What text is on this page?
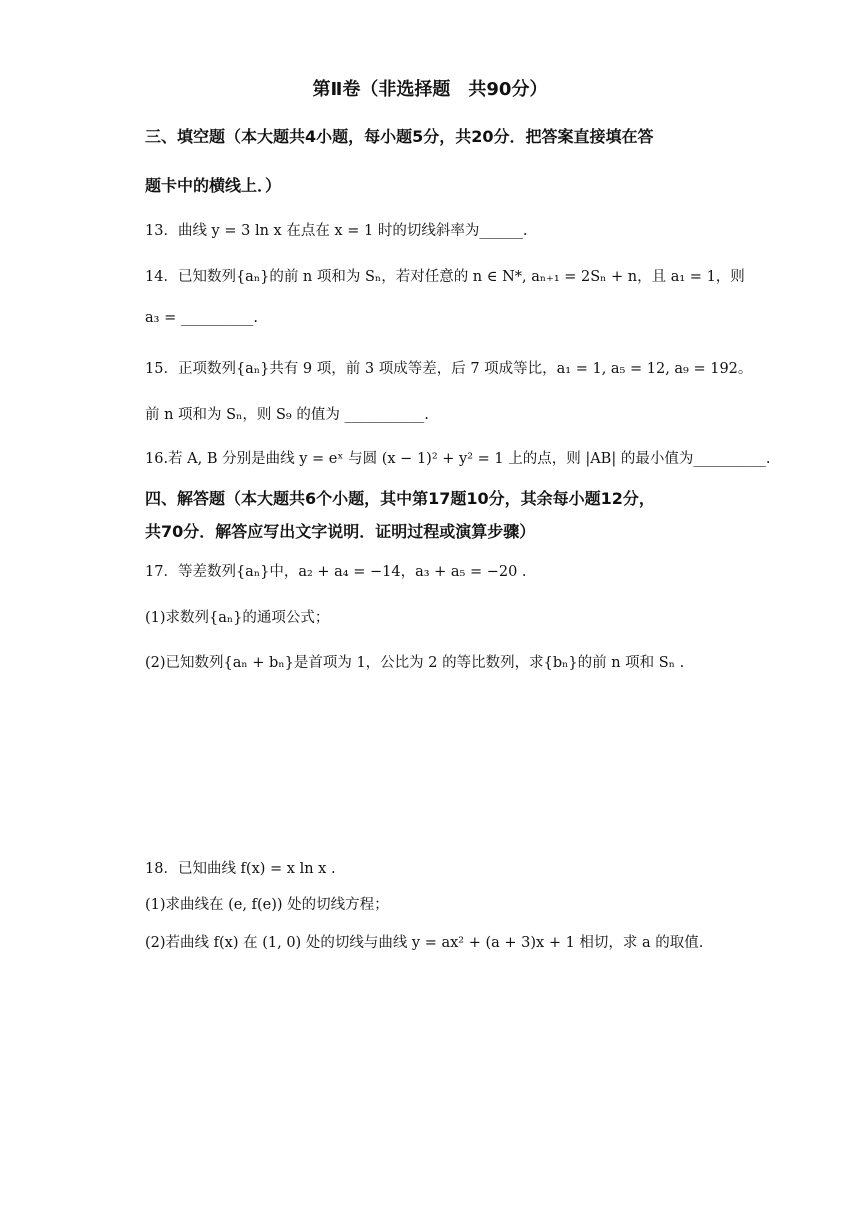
第Ⅱ卷（非选择题　共90分）
三、填空题（本大题共4小题，每小题5分，共20分．把答案直接填在答
题卡中的横线上．）
13．曲线 y = 3 ln x 在点在 x = 1 时的切线斜率为______.
14．已知数列{aₙ}的前 n 项和为 Sₙ，若对任意的 n ∈ N*, aₙ₊₁ = 2Sₙ + n，且 a₁ = 1，则
a₃ = __________.
15．正项数列{aₙ}共有 9 项，前 3 项成等差，后 7 项成等比，a₁ = 1, a₅ = 12, a₉ = 192。
前 n 项和为 Sₙ，则 S₉ 的值为 ___________.
16.若 A, B 分别是曲线 y = eˣ 与圆 (x − 1)² + y² = 1 上的点，则 |AB| 的最小值为__________.
四、解答题（本大题共6个小题，其中第17题10分，其余每小题12分，
共70分．解答应写出文字说明．证明过程或演算步骤）
17．等差数列{aₙ}中，a₂ + a₄ = −14，a₃ + a₅ = −20 .
(1)求数列{aₙ}的通项公式；
(2)已知数列{aₙ + bₙ}是首项为 1，公比为 2 的等比数列，求{bₙ}的前 n 项和 Sₙ .
18．已知曲线 f(x) = x ln x .
(1)求曲线在 (e, f(e)) 处的切线方程；
(2)若曲线 f(x) 在 (1, 0) 处的切线与曲线 y = ax² + (a + 3)x + 1 相切，求 a 的取值.
